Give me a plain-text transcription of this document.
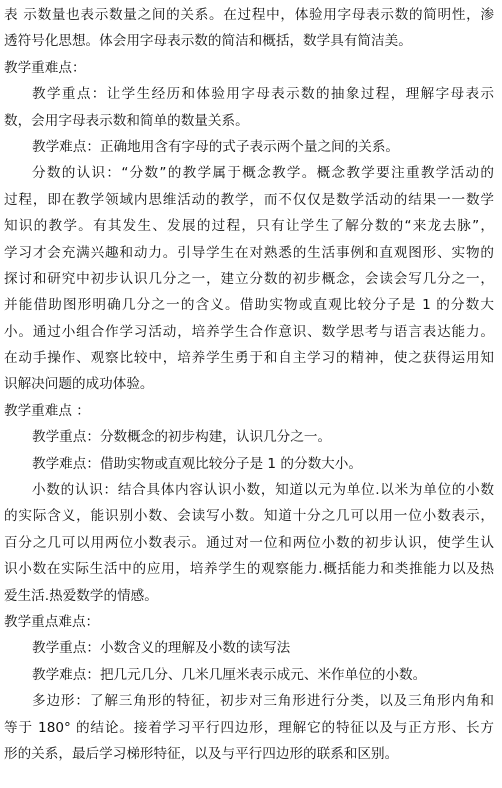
表 示数量也表示数量之间的关系。在过程中，体验用字母表示数的简明性，渗
透符号化思想。体会用字母表示数的简洁和概括，数学具有简洁美。
教学重难点：
教学重点：让学生经历和体验用字母表示数的抽象过程，理解字母表示
数，会用字母表示数和简单的数量关系。
教学难点：正确地用含有字母的式子表示两个量之间的关系。
分数的认识：“分数”的教学属于概念教学。概念教学要注重教学活动的
过程，即在教学领域内思维活动的教学，而不仅仅是数学活动的结果一一数学
知识的教学。有其发生、发展的过程，只有让学生了解分数的“来龙去脉”，
学习才会充满兴趣和动力。引导学生在对熟悉的生活事例和直观图形、实物的
探讨和研究中初步认识几分之一，建立分数的初步概念，会读会写几分之一，
并能借助图形明确几分之一的含义。借助实物或直观比较分子是 1 的分数大
小。通过小组合作学习活动，培养学生合作意识、数学思考与语言表达能力。
在动手操作、观察比较中，培养学生勇于和自主学习的精神，使之获得运用知
识解决问题的成功体验。
教学重难点 ：
教学重点：分数概念的初步构建，认识几分之一。
教学难点：借助实物或直观比较分子是 1 的分数大小。
小数的认识：结合具体内容认识小数，知道以元为单位.以米为单位的小数
的实际含义，能识别小数、会读写小数。知道十分之几可以用一位小数表示，
百分之几可以用两位小数表示。通过对一位和两位小数的初步认识，使学生认
识小数在实际生活中的应用，培养学生的观察能力.概括能力和类推能力以及热
爱生活.热爱数学的情感。
教学重点难点：
教学重点：小数含义的理解及小数的读写法
教学难点：把几元几分、几米几厘米表示成元、米作单位的小数。
多边形：了解三角形的特征，初步对三角形进行分类，以及三角形内角和
等于 180° 的结论。接着学习平行四边形，理解它的特征以及与正方形、长方
形的关系，最后学习梯形特征，以及与平行四边形的联系和区别。
